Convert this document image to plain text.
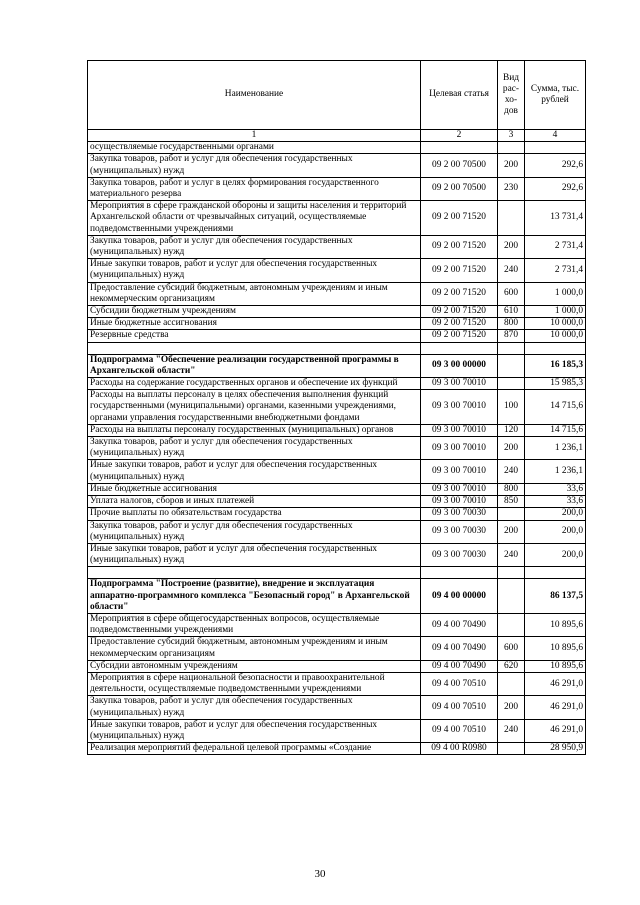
Наименование	Целевая статья	Вид рас- хо- дов	Сумма, тыс. рублей
1	2	3	4
осуществляемые государственными органами			
Закупка товаров, работ и услуг для обеспечения государственных (муниципальных) нужд	09 2 00 70500	200	292,6
Закупка товаров, работ и услуг в целях формирования государственного материального резерва	09 2 00 70500	230	292,6
Мероприятия в сфере гражданской обороны и защиты населения и территорий Архангельской области от чрезвычайных ситуаций, осуществляемые подведомственными учреждениями	09 2 00 71520		13 731,4
Закупка товаров, работ и услуг для обеспечения государственных (муниципальных) нужд	09 2 00 71520	200	2 731,4
Иные закупки товаров, работ и услуг для обеспечения государственных (муниципальных) нужд	09 2 00 71520	240	2 731,4
Предоставление субсидий бюджетным, автономным учреждениям и иным некоммерческим организациям	09 2 00 71520	600	1 000,0
Субсидии бюджетным учреждениям	09 2 00 71520	610	1 000,0
Иные бюджетные ассигнования	09 2 00 71520	800	10 000,0
Резервные средства	09 2 00 71520	870	10 000,0

Подпрограмма "Обеспечение реализации государственной программы в Архангельской области"	09 3 00 00000		16 185,3
Расходы на содержание государственных органов и обеспечение их функций	09 3 00 70010		15 985,3
Расходы на выплаты персоналу в целях обеспечения выполнения функций государственными (муниципальными) органами, казенными учреждениями, органами управления государственными внебюджетными фондами	09 3 00 70010	100	14 715,6
Расходы на выплаты персоналу государственных (муниципальных) органов	09 3 00 70010	120	14 715,6
Закупка товаров, работ и услуг для обеспечения государственных (муниципальных) нужд	09 3 00 70010	200	1 236,1
Иные закупки товаров, работ и услуг для обеспечения государственных (муниципальных) нужд	09 3 00 70010	240	1 236,1
Иные бюджетные ассигнования	09 3 00 70010	800	33,6
Уплата налогов, сборов и иных платежей	09 3 00 70010	850	33,6
Прочие выплаты по обязательствам государства	09 3 00 70030		200,0
Закупка товаров, работ и услуг для обеспечения государственных (муниципальных) нужд	09 3 00 70030	200	200,0
Иные закупки товаров, работ и услуг для обеспечения государственных (муниципальных) нужд	09 3 00 70030	240	200,0

Подпрограмма "Построение (развитие), внедрение и эксплуатация аппаратно-программного комплекса "Безопасный город" в Архангельской области"	09 4 00 00000		86 137,5
Мероприятия в сфере общегосударственных вопросов, осуществляемые подведомственными учреждениями	09 4 00 70490		10 895,6
Предоставление субсидий бюджетным, автономным учреждениям и иным некоммерческим организациям	09 4 00 70490	600	10 895,6
Субсидии автономным учреждениям	09 4 00 70490	620	10 895,6
Мероприятия в сфере национальной безопасности и правоохранительной деятельности, осуществляемые подведомственными учреждениями	09 4 00 70510		46 291,0
Закупка товаров, работ и услуг для обеспечения государственных (муниципальных) нужд	09 4 00 70510	200	46 291,0
Иные закупки товаров, работ и услуг для обеспечения государственных (муниципальных) нужд	09 4 00 70510	240	46 291,0
Реализация мероприятий федеральной целевой программы «Создание	09 4 00 R0980		28 950,9
30
